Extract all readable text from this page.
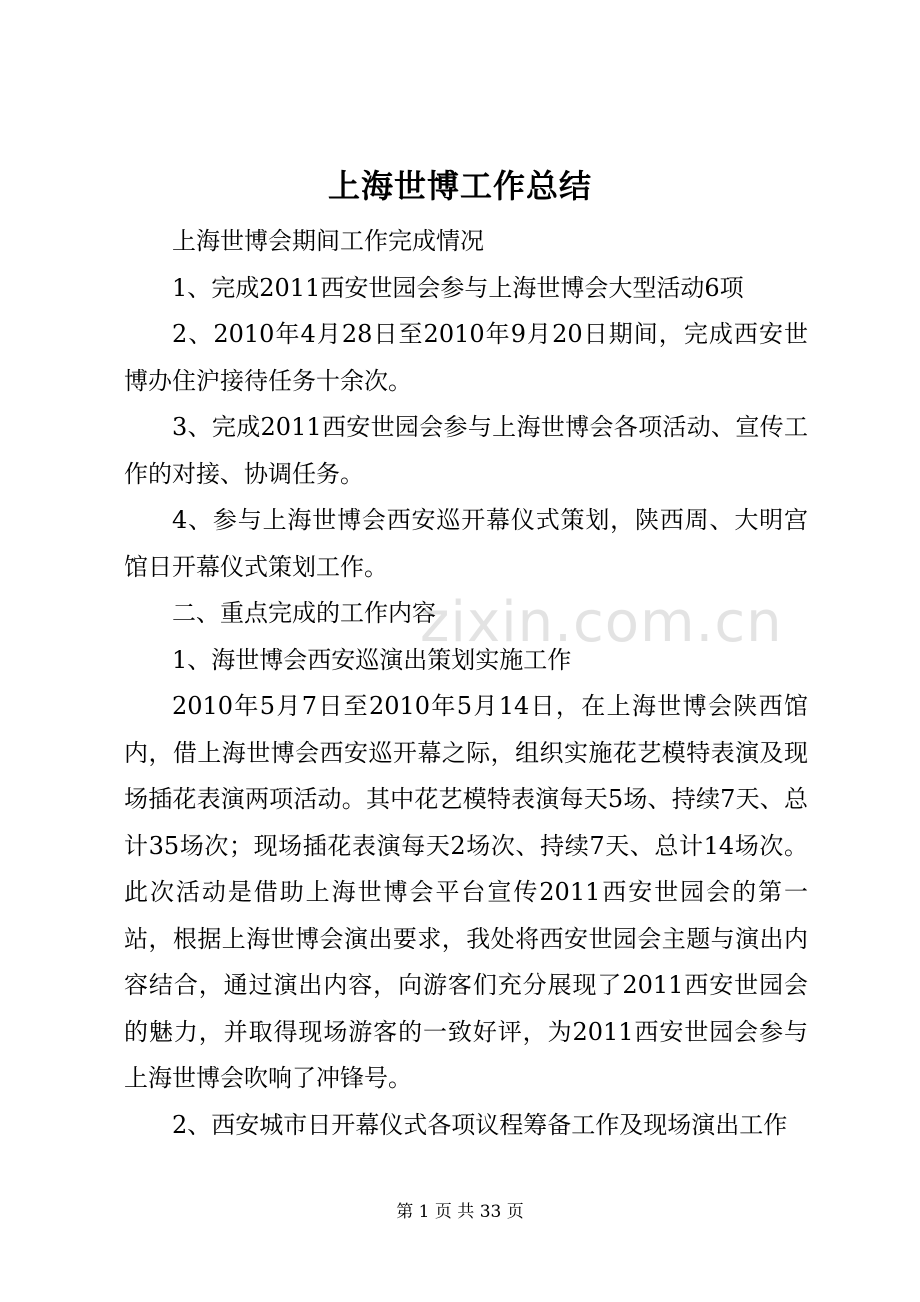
上海世博工作总结

上海世博会期间工作完成情况

1、完成2011西安世园会参与上海世博会大型活动6项

2、2010年4月28日至2010年9月20日期间，完成西安世博办住沪接待任务十余次。

3、完成2011西安世园会参与上海世博会各项活动、宣传工作的对接、协调任务。

4、参与上海世博会西安巡开幕仪式策划，陕西周、大明宫馆日开幕仪式策划工作。

二、重点完成的工作内容

1、海世博会西安巡演出策划实施工作

2010年5月7日至2010年5月14日，在上海世博会陕西馆内，借上海世博会西安巡开幕之际，组织实施花艺模特表演及现场插花表演两项活动。其中花艺模特表演每天5场、持续7天、总计35场次；现场插花表演每天2场次、持续7天、总计14场次。此次活动是借助上海世博会平台宣传2011西安世园会的第一站，根据上海世博会演出要求，我处将西安世园会主题与演出内容结合，通过演出内容，向游客们充分展现了2011西安世园会的魅力，并取得现场游客的一致好评，为2011西安世园会参与上海世博会吹响了冲锋号。

2、西安城市日开幕仪式各项议程筹备工作及现场演出工作

zixin.com.cn
第 1 页 共 33 页
